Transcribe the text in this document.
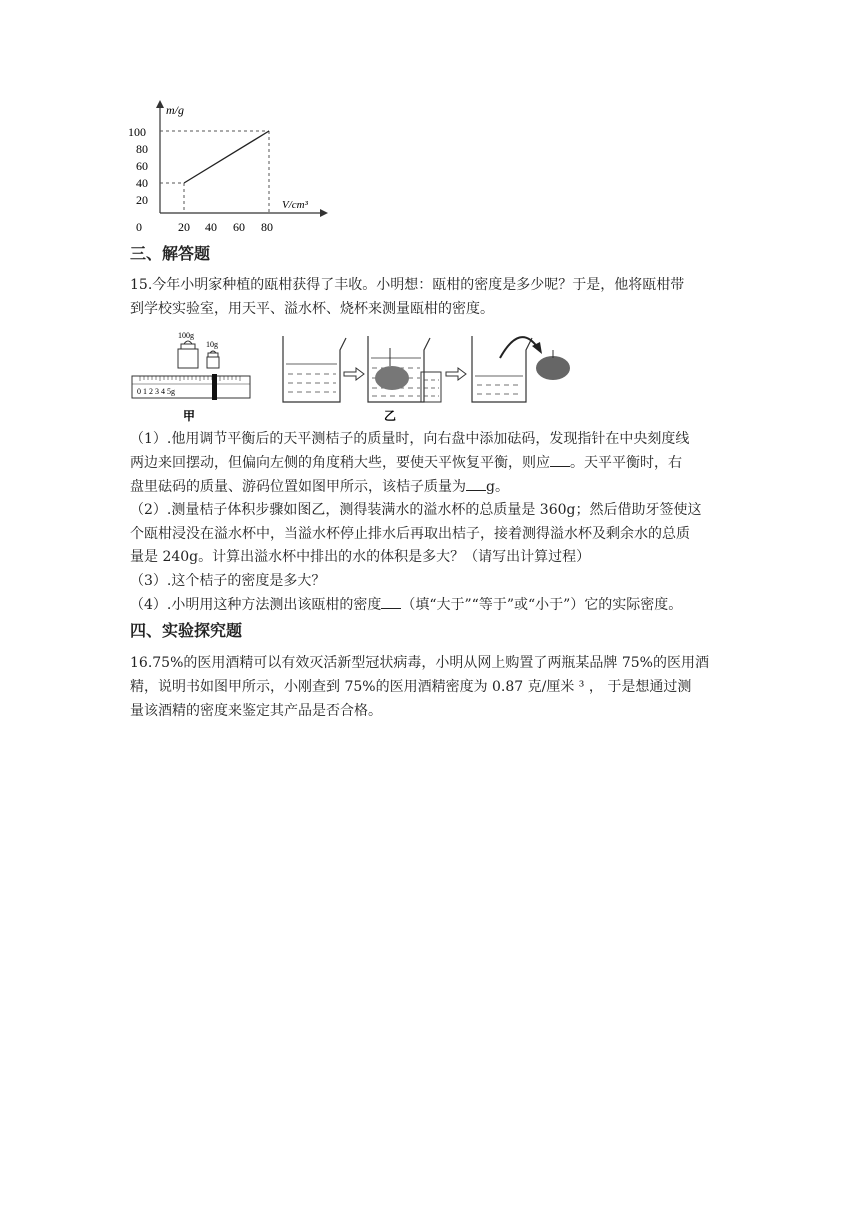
m/g
V/cm³
100
80
60
40
20
0	20 40 60 80
三、解答题
15.今年小明家种植的瓯柑获得了丰收。小明想：瓯柑的密度是多少呢？于是，他将瓯柑带
到学校实验室，用天平、溢水杯、烧杯来测量瓯柑的密度。
100g
10g
0 1 2 3 4 5g
甲	乙
（1）.他用调节平衡后的天平测桔子的质量时，向右盘中添加砝码，发现指针在中央刻度线
两边来回摆动，但偏向左侧的角度稍大些，要使天平恢复平衡，则应 。天平平衡时，右
盘里砝码的质量、游码位置如图甲所示，该桔子质量为 g。
（2）.测量桔子体积步骤如图乙，测得装满水的溢水杯的总质量是 360g；然后借助牙签使这
个瓯柑浸没在溢水杯中，当溢水杯停止排水后再取出桔子，接着测得溢水杯及剩余水的总质
量是 240g。计算出溢水杯中排出的水的体积是多大？（请写出计算过程）
（3）.这个桔子的密度是多大？
（4）.小明用这种方法测出该瓯柑的密度 （填“大于”“等于”或“小于”）它的实际密度。
四、实验探究题
16.75%的医用酒精可以有效灭活新型冠状病毒，小明从网上购置了两瓶某品牌 75%的医用酒
精，说明书如图甲所示，小刚查到 75%的医用酒精密度为 0.87 克/厘米 ³ ， 于是想通过测
量该酒精的密度来鉴定其产品是否合格。
